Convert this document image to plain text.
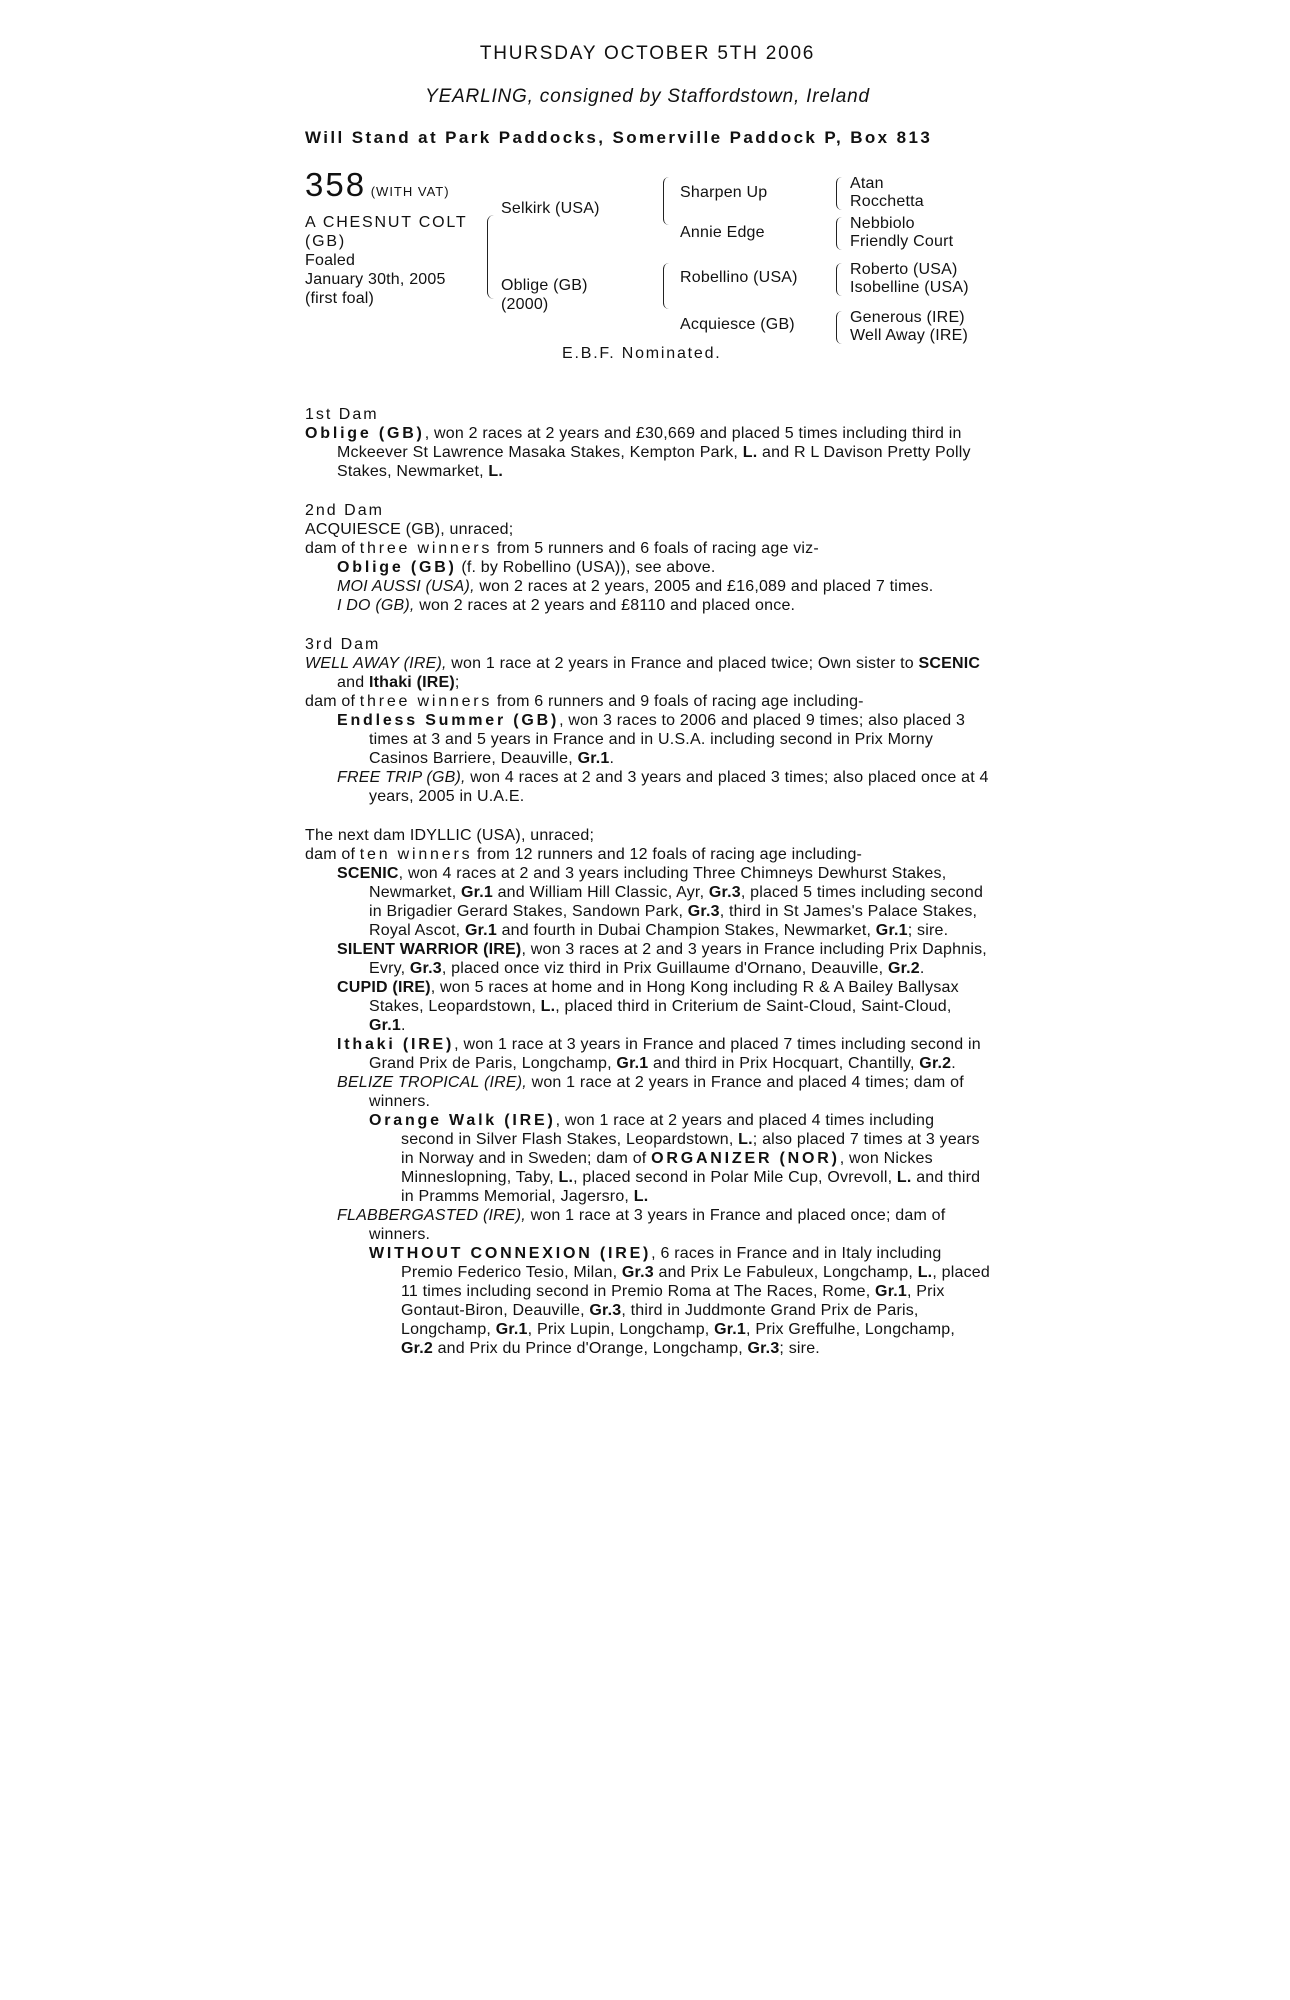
THURSDAY OCTOBER 5TH 2006
YEARLING, consigned by Staffordstown, Ireland
Will Stand at Park Paddocks, Somerville Paddock P, Box 813
358 (WITH VAT)
A CHESNUT COLT
(GB)
Foaled
January 30th, 2005
(first foal)
Selkirk (USA)
Oblige (GB)
(2000)
Sharpen Up
Annie Edge
Robellino (USA)
Acquiesce (GB)
Atan
Rocchetta
Nebbiolo
Friendly Court
Roberto (USA)
Isobelline (USA)
Generous (IRE)
Well Away (IRE)
E.B.F. Nominated.
1st Dam

Oblige (GB), won 2 races at 2 years and £30,669 and placed 5 times including third in Mckeever St Lawrence Masaka Stakes, Kempton Park, L. and R L Davison Pretty Polly Stakes, Newmarket, L.

2nd Dam

ACQUIESCE (GB), unraced;

dam of three winners from 5 runners and 6 foals of racing age viz-

Oblige (GB) (f. by Robellino (USA)), see above.

MOI AUSSI (USA), won 2 races at 2 years, 2005 and £16,089 and placed 7 times.

I DO (GB), won 2 races at 2 years and £8110 and placed once.

3rd Dam

WELL AWAY (IRE), won 1 race at 2 years in France and placed twice; Own sister to SCENIC and Ithaki (IRE);

dam of three winners from 6 runners and 9 foals of racing age including-

Endless Summer (GB), won 3 races to 2006 and placed 9 times; also placed 3 times at 3 and 5 years in France and in U.S.A. including second in Prix Morny Casinos Barriere, Deauville, Gr.1.

FREE TRIP (GB), won 4 races at 2 and 3 years and placed 3 times; also placed once at 4 years, 2005 in U.A.E.

The next dam IDYLLIC (USA), unraced;

dam of ten winners from 12 runners and 12 foals of racing age including-

SCENIC, won 4 races at 2 and 3 years including Three Chimneys Dewhurst Stakes, Newmarket, Gr.1 and William Hill Classic, Ayr, Gr.3, placed 5 times including second in Brigadier Gerard Stakes, Sandown Park, Gr.3, third in St James's Palace Stakes, Royal Ascot, Gr.1 and fourth in Dubai Champion Stakes, Newmarket, Gr.1; sire.

SILENT WARRIOR (IRE), won 3 races at 2 and 3 years in France including Prix Daphnis, Evry, Gr.3, placed once viz third in Prix Guillaume d'Ornano, Deauville, Gr.2.

CUPID (IRE), won 5 races at home and in Hong Kong including R & A Bailey Ballysax Stakes, Leopardstown, L., placed third in Criterium de Saint-Cloud, Saint-Cloud, Gr.1.

Ithaki (IRE), won 1 race at 3 years in France and placed 7 times including second in Grand Prix de Paris, Longchamp, Gr.1 and third in Prix Hocquart, Chantilly, Gr.2.

BELIZE TROPICAL (IRE), won 1 race at 2 years in France and placed 4 times; dam of winners.

Orange Walk (IRE), won 1 race at 2 years and placed 4 times including second in Silver Flash Stakes, Leopardstown, L.; also placed 7 times at 3 years in Norway and in Sweden; dam of ORGANIZER (NOR), won Nickes Minneslopning, Taby, L., placed second in Polar Mile Cup, Ovrevoll, L. and third in Pramms Memorial, Jagersro, L.

FLABBERGASTED (IRE), won 1 race at 3 years in France and placed once; dam of winners.

WITHOUT CONNEXION (IRE), 6 races in France and in Italy including Premio Federico Tesio, Milan, Gr.3 and Prix Le Fabuleux, Longchamp, L., placed 11 times including second in Premio Roma at The Races, Rome, Gr.1, Prix Gontaut-Biron, Deauville, Gr.3, third in Juddmonte Grand Prix de Paris, Longchamp, Gr.1, Prix Lupin, Longchamp, Gr.1, Prix Greffulhe, Longchamp, Gr.2 and Prix du Prince d'Orange, Longchamp, Gr.3; sire.
